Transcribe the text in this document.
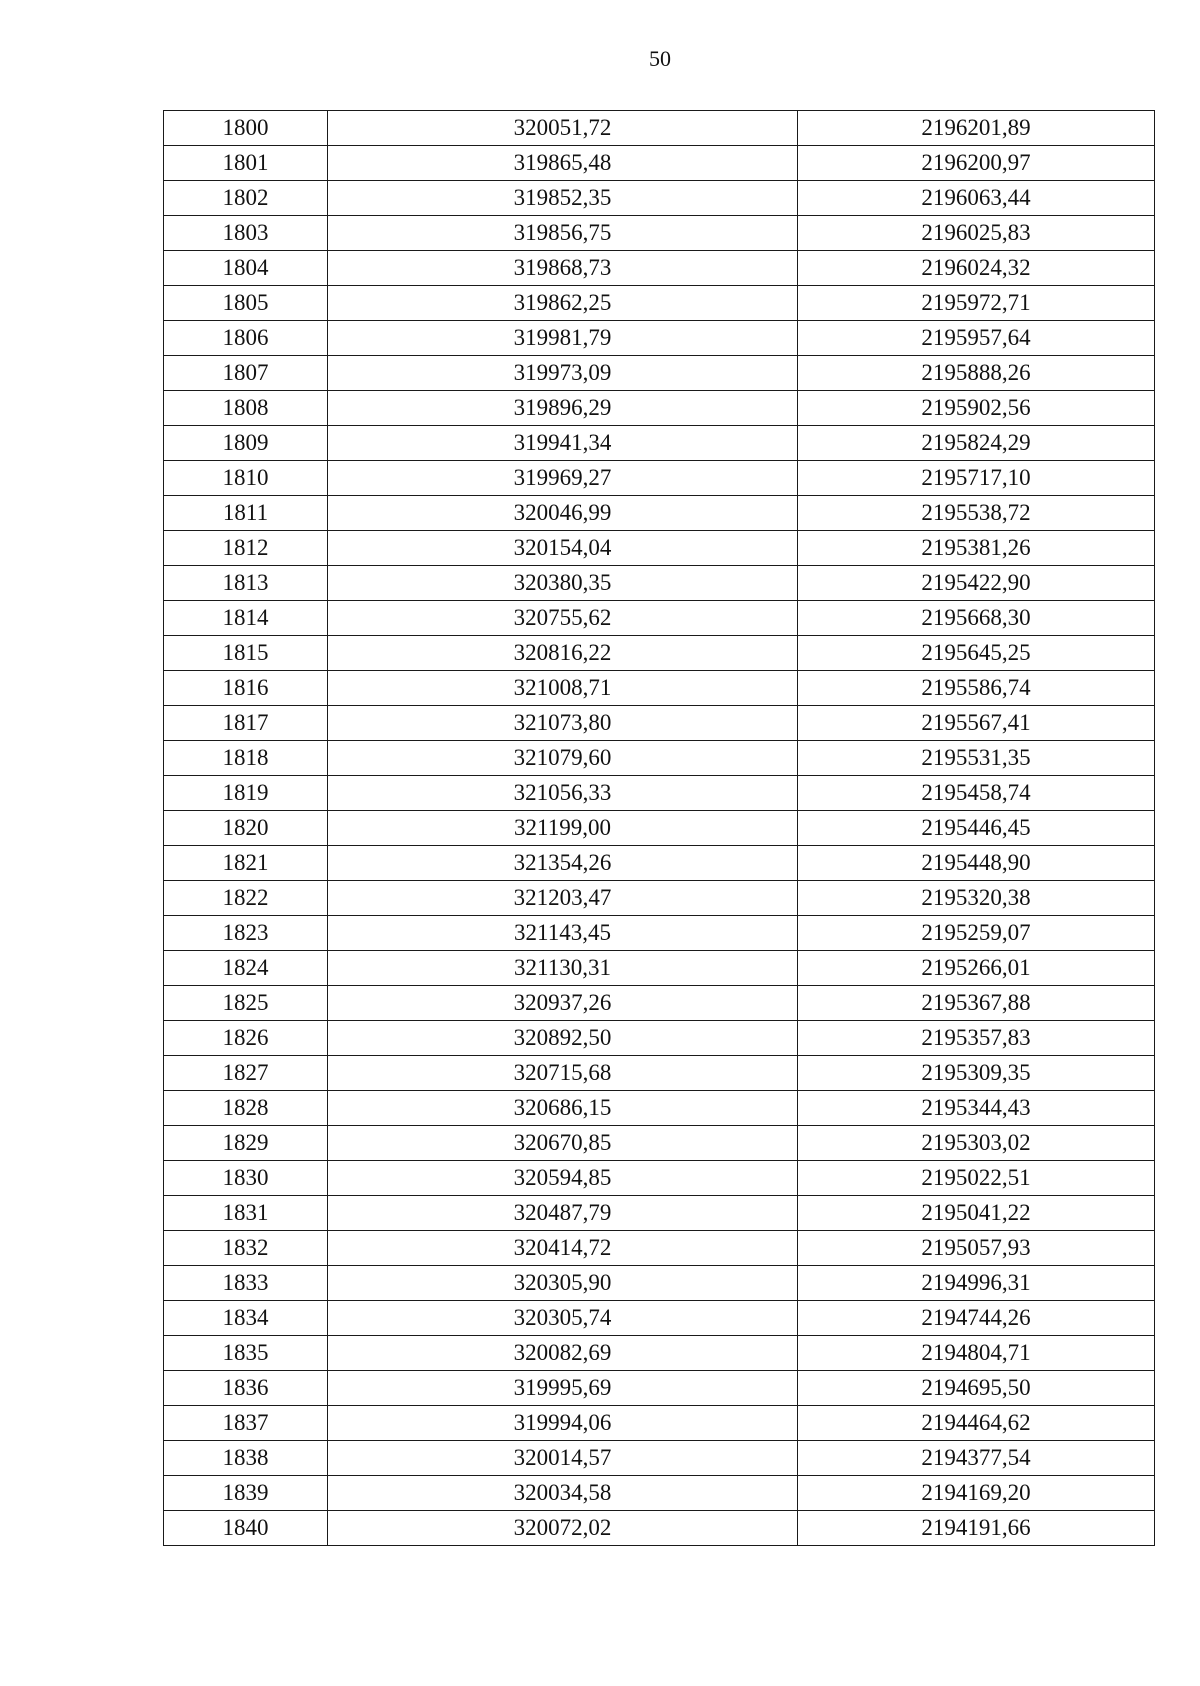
50
1800	320051,72	2196201,89
1801	319865,48	2196200,97
1802	319852,35	2196063,44
1803	319856,75	2196025,83
1804	319868,73	2196024,32
1805	319862,25	2195972,71
1806	319981,79	2195957,64
1807	319973,09	2195888,26
1808	319896,29	2195902,56
1809	319941,34	2195824,29
1810	319969,27	2195717,10
1811	320046,99	2195538,72
1812	320154,04	2195381,26
1813	320380,35	2195422,90
1814	320755,62	2195668,30
1815	320816,22	2195645,25
1816	321008,71	2195586,74
1817	321073,80	2195567,41
1818	321079,60	2195531,35
1819	321056,33	2195458,74
1820	321199,00	2195446,45
1821	321354,26	2195448,90
1822	321203,47	2195320,38
1823	321143,45	2195259,07
1824	321130,31	2195266,01
1825	320937,26	2195367,88
1826	320892,50	2195357,83
1827	320715,68	2195309,35
1828	320686,15	2195344,43
1829	320670,85	2195303,02
1830	320594,85	2195022,51
1831	320487,79	2195041,22
1832	320414,72	2195057,93
1833	320305,90	2194996,31
1834	320305,74	2194744,26
1835	320082,69	2194804,71
1836	319995,69	2194695,50
1837	319994,06	2194464,62
1838	320014,57	2194377,54
1839	320034,58	2194169,20
1840	320072,02	2194191,66
